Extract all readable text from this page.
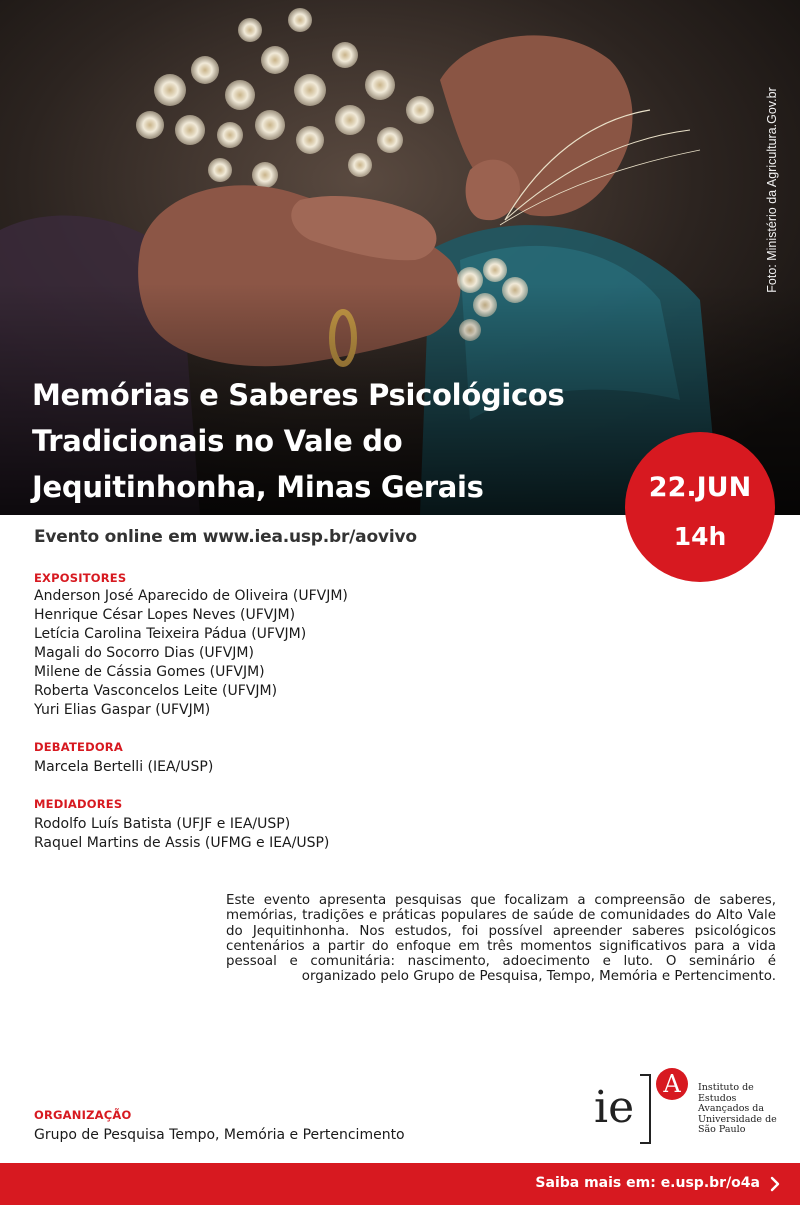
Foto: Ministério da Agricultura.Gov.br
Memórias e Saberes Psicológicos
Tradicionais no Vale do
Jequitinhonha, Minas Gerais	22.JUN
14h
Evento online em www.iea.usp.br/aovivo
EXPOSITORES
Anderson José Aparecido de Oliveira (UFVJM)
Henrique César Lopes Neves (UFVJM)
Letícia Carolina Teixeira Pádua (UFVJM)
Magali do Socorro Dias (UFVJM)
Milene de Cássia Gomes (UFVJM)
Roberta Vasconcelos Leite (UFVJM)
Yuri Elias Gaspar (UFVJM)
DEBATEDORA
Marcela Bertelli (IEA/USP)
MEDIADORES
Rodolfo Luís Batista (UFJF e IEA/USP)
Raquel Martins de Assis (UFMG e IEA/USP)

Este evento apresenta pesquisas que focalizam a compreensão de saberes, memórias, tradições e práticas populares de saúde de comunidades do Alto Vale do Jequitinhonha. Nos estudos, foi possível apreender saberes psicológicos centenários a partir do enfoque em três momentos significativos para a vida pessoal e comunitária: nascimento, adoecimento e luto. O seminário é organizado pelo Grupo de Pesquisa, Tempo, Memória e Pertencimento.

ORGANIZAÇÃO
Grupo de Pesquisa Tempo, Memória e Pertencimento
ie	A	Instituto de
Estudos
Avançados da
Universidade de
São Paulo
Saiba mais em: e.usp.br/o4a
